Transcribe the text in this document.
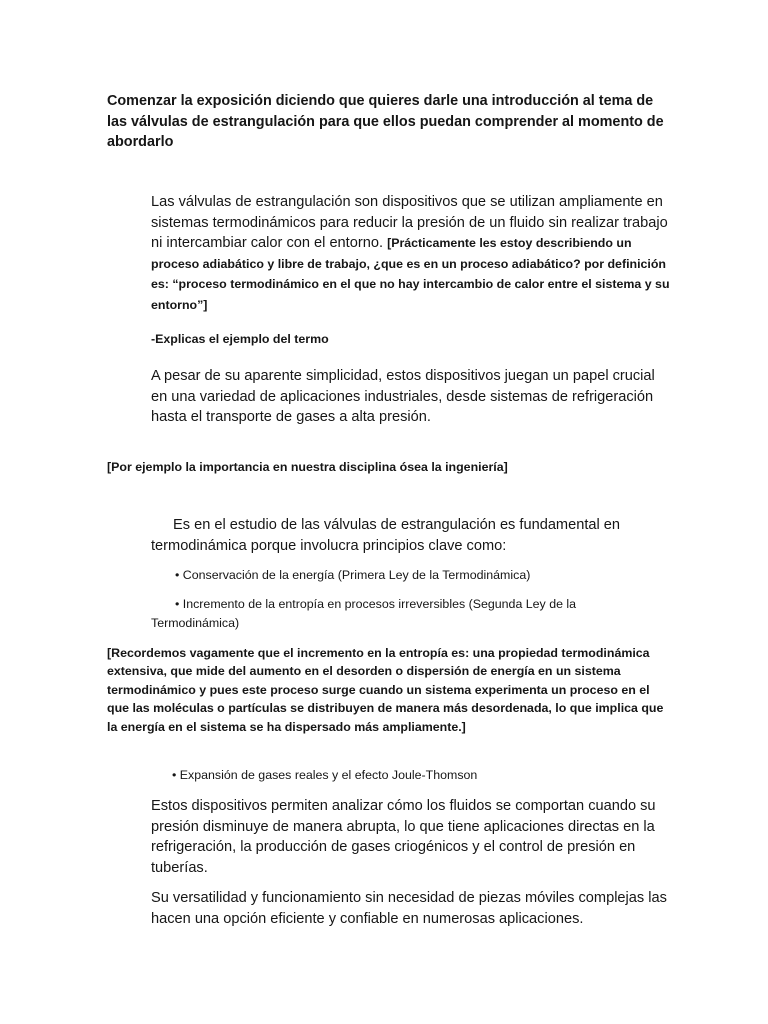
Comenzar la exposición diciendo que quieres darle una introducción al tema de las válvulas de estrangulación para que ellos puedan comprender al momento de abordarlo

Las válvulas de estrangulación son dispositivos que se utilizan ampliamente en sistemas termodinámicos para reducir la presión de un fluido sin realizar trabajo ni intercambiar calor con el entorno. [Prácticamente les estoy describiendo un proceso adiabático y libre de trabajo, ¿que es en un proceso adiabático? por definición es: “proceso termodinámico en el que no hay intercambio de calor entre el sistema y su entorno”]

-Explicas el ejemplo del termo

A pesar de su aparente simplicidad, estos dispositivos juegan un papel crucial en una variedad de aplicaciones industriales, desde sistemas de refrigeración hasta el transporte de gases a alta presión.

[Por ejemplo la importancia en nuestra disciplina ósea la ingeniería]

Es en el estudio de las válvulas de estrangulación es fundamental en termodinámica porque involucra principios clave como:

• Conservación de la energía (Primera Ley de la Termodinámica)

• Incremento de la entropía en procesos irreversibles (Segunda Ley de la Termodinámica)

[Recordemos vagamente que el incremento en la entropía es: una propiedad termodinámica extensiva, que mide del aumento en el desorden o dispersión de energía en un sistema termodinámico y pues este proceso surge cuando un sistema experimenta un proceso en el que las moléculas o partículas se distribuyen de manera más desordenada, lo que implica que la energía en el sistema se ha dispersado más ampliamente.]

• Expansión de gases reales y el efecto Joule-Thomson

Estos dispositivos permiten analizar cómo los fluidos se comportan cuando su presión disminuye de manera abrupta, lo que tiene aplicaciones directas en la refrigeración, la producción de gases criogénicos y el control de presión en tuberías.

Su versatilidad y funcionamiento sin necesidad de piezas móviles complejas las hacen una opción eficiente y confiable en numerosas aplicaciones.
